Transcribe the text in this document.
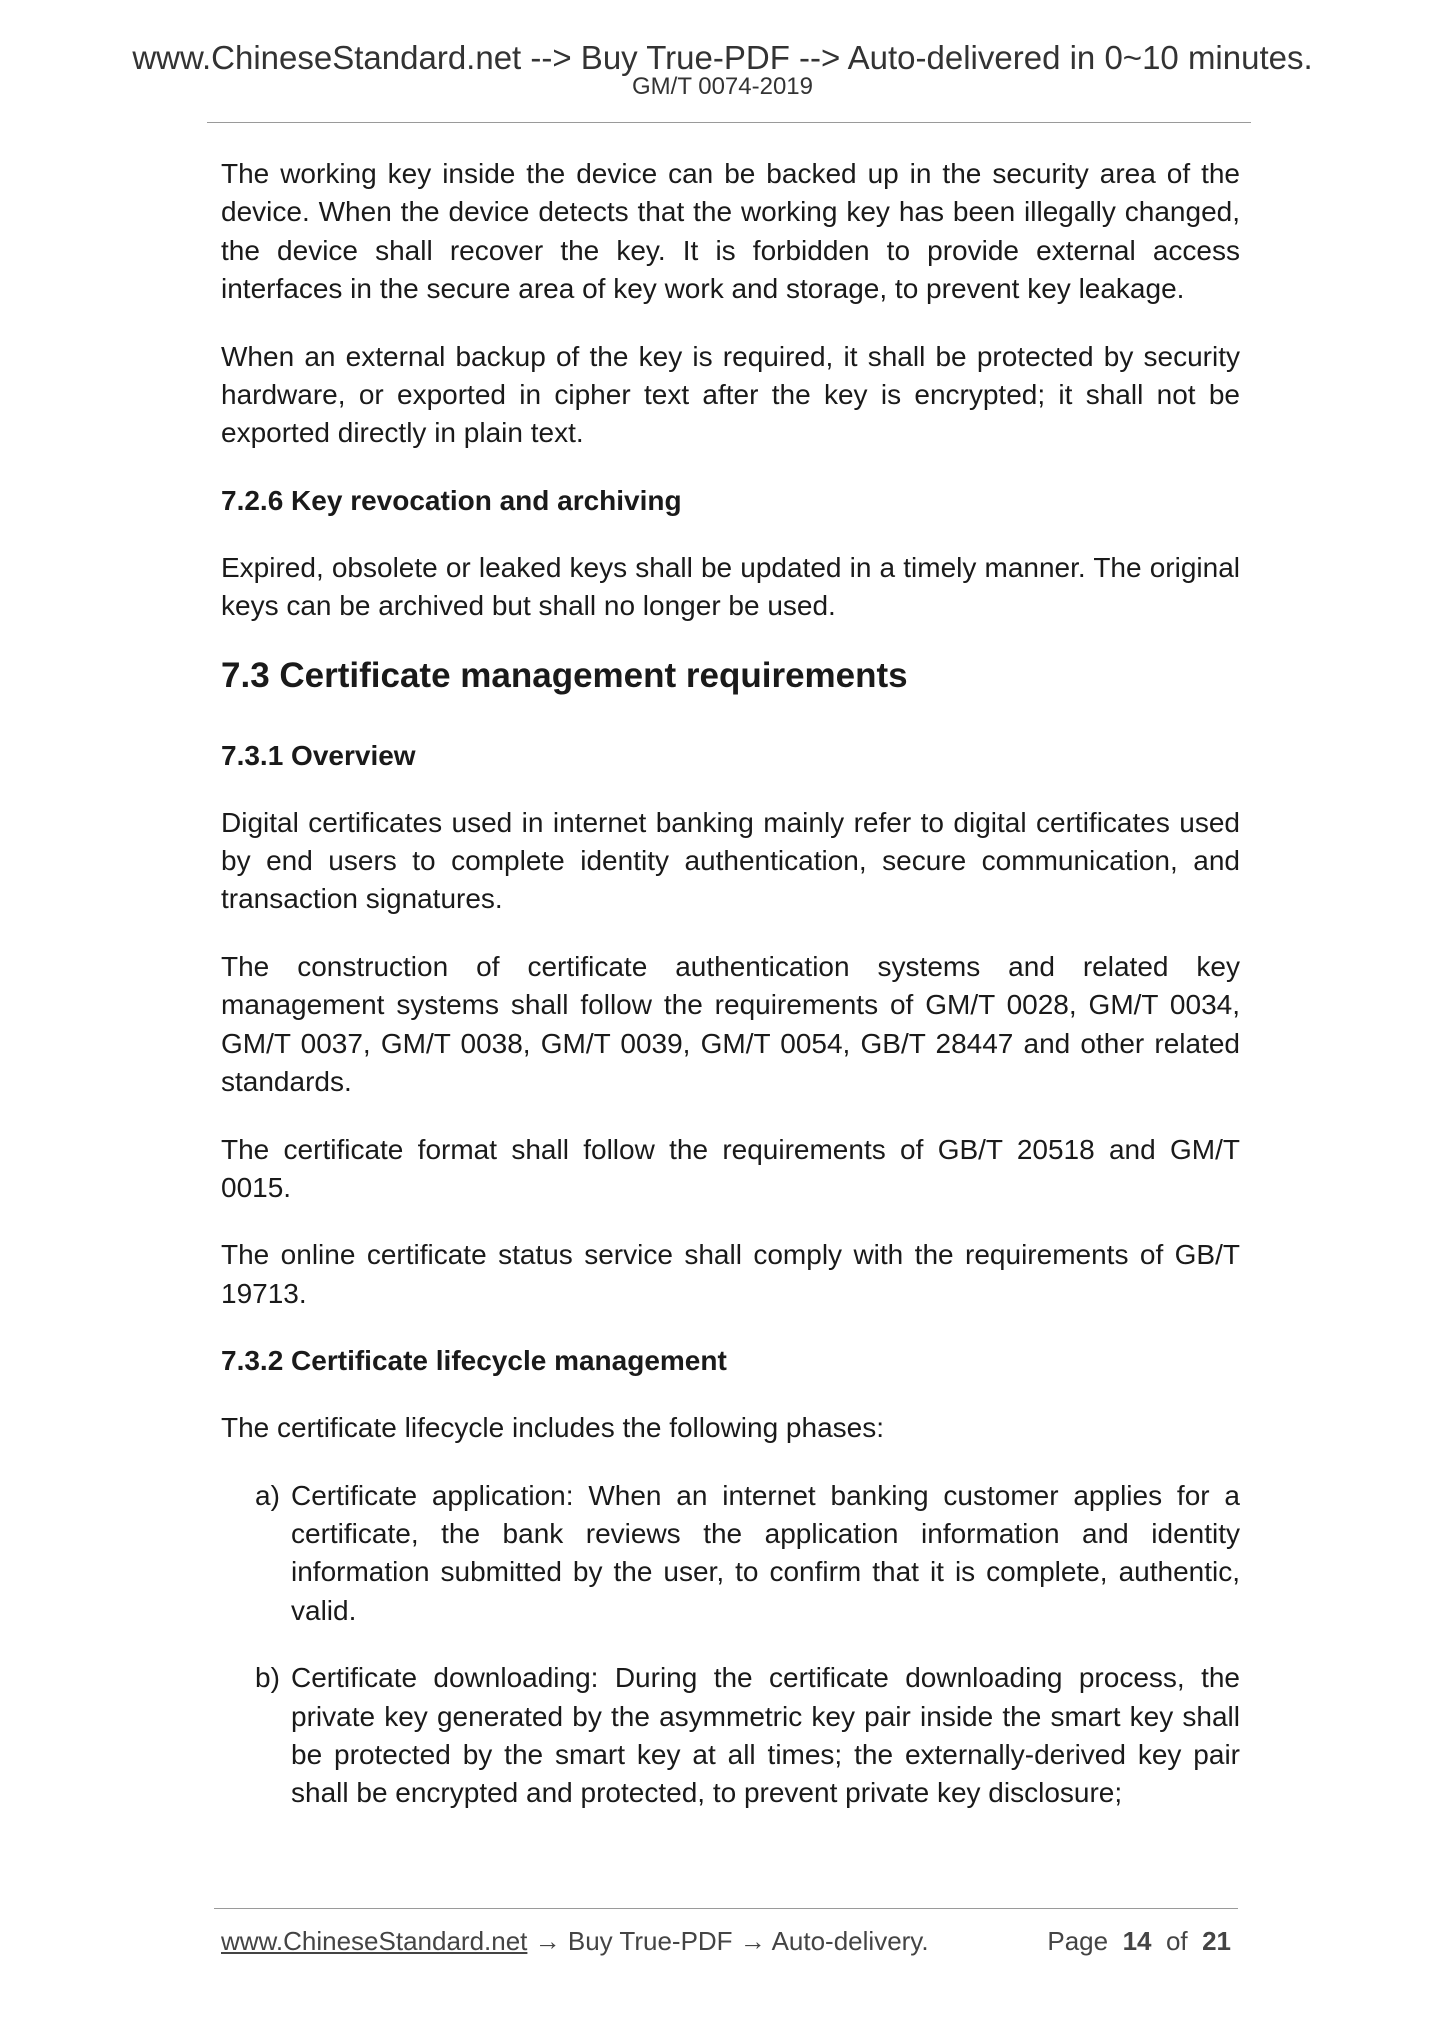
www.ChineseStandard.net --> Buy True-PDF --> Auto-delivered in 0~10 minutes.
GM/T 0074-2019

The working key inside the device can be backed up in the security area of the device. When the device detects that the working key has been illegally changed, the device shall recover the key. It is forbidden to provide external access interfaces in the secure area of key work and storage, to prevent key leakage.

When an external backup of the key is required, it shall be protected by security hardware, or exported in cipher text after the key is encrypted; it shall not be exported directly in plain text.

7.2.6 Key revocation and archiving

Expired, obsolete or leaked keys shall be updated in a timely manner. The original keys can be archived but shall no longer be used.

7.3 Certificate management requirements
7.3.1 Overview

Digital certificates used in internet banking mainly refer to digital certificates used by end users to complete identity authentication, secure communication, and transaction signatures.

The construction of certificate authentication systems and related key management systems shall follow the requirements of GM/T 0028, GM/T 0034, GM/T 0037, GM/T 0038, GM/T 0039, GM/T 0054, GB/T 28447 and other related standards.

The certificate format shall follow the requirements of GB/T 20518 and GM/T 0015.

The online certificate status service shall comply with the requirements of GB/T 19713.

7.3.2 Certificate lifecycle management

The certificate lifecycle includes the following phases:

a) Certificate application: When an internet banking customer applies for a certificate, the bank reviews the application information and identity information submitted by the user, to confirm that it is complete, authentic, valid.
b) Certificate downloading: During the certificate downloading process, the private key generated by the asymmetric key pair inside the smart key shall be protected by the smart key at all times; the externally-derived key pair shall be encrypted and protected, to prevent private key disclosure;
www.ChineseStandard.net → Buy True-PDF → Auto-delivery.	Page 14 of 21
